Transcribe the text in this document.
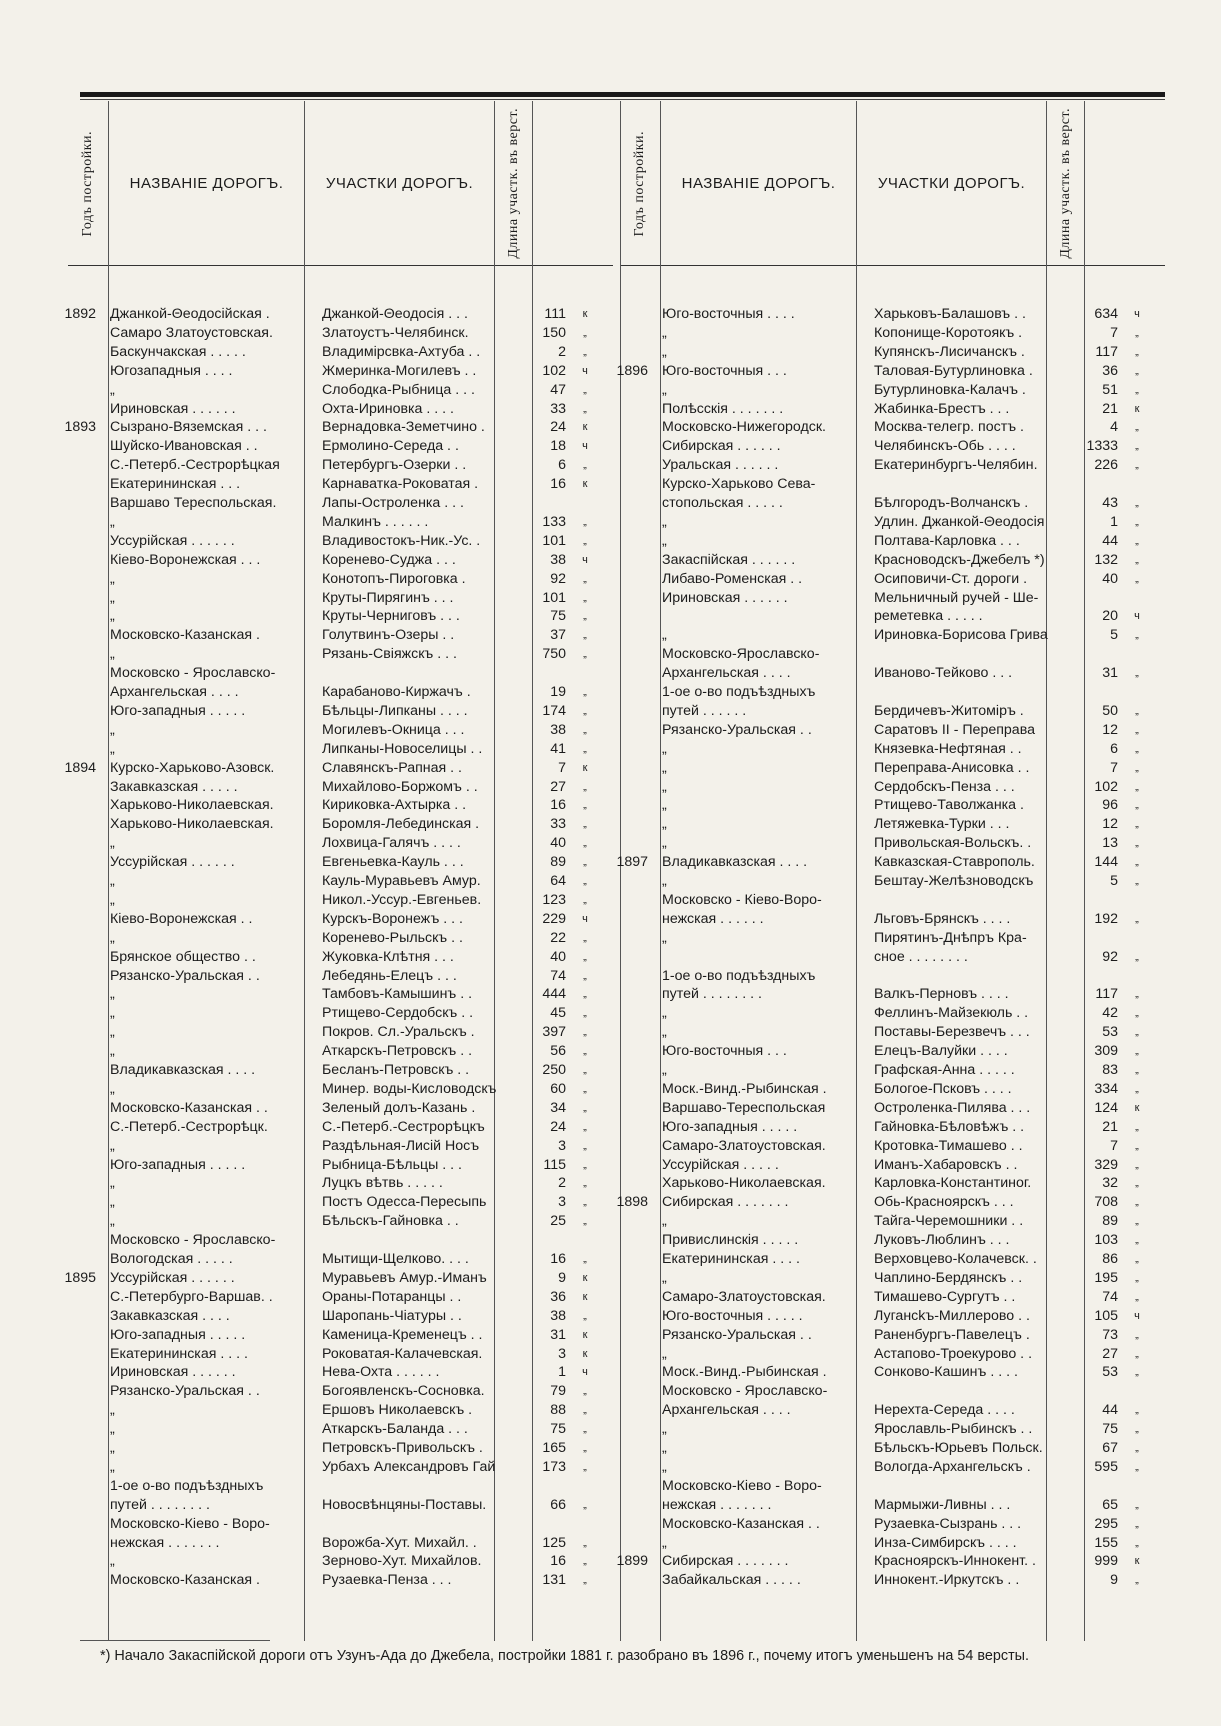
Годъ постройки. НАЗВАНІЕ ДОРОГЪ.	УЧАСТКИ ДОРОГЪ. Длина участк. въ верст.
1892 Джанкой-Θеодосійская .	Джанкой-Θеодосія . . .	111	к
Самаро Златоустовская.	Златоустъ-Челябинск.	150	„
Баскунчакская . . . . .	Владимірсвка-Ахтуба . .	2	„
Югозападныя . . . .	Жмеринка-Могилевъ . .	102	ч
„	Слободка-Рыбница . . .	47	„
Ириновская . . . . . .	Охта-Ириновка . . . .	33	„
1893 Сызрано-Вяземская . . .	Вернадовка-Земетчино .	24	к
Шуйско-Ивановская . .	Ермолино-Середа . .	18	ч
С.-Петерб.-Сестрорѣцкая	Петербургъ-Озерки . .	6	„
Екатерининская . . .	Карнаватка-Роковатая .	16	к
Варшаво Тереспольская.	Лапы-Остроленка . . .
„	Малкинъ . . . . . .	133	„
Уссурійская . . . . . .	Владивостокъ-Ник.-Ус. .	101	„
Кіево-Воронежская . . .	Коренево-Суджа . . .	38	ч
„	Конотопъ-Пироговка .	92	„
„	Круты-Пирягинъ . . .	101	„
„	Круты-Черниговъ . . .	75	„
Московско-Казанская .	Голутвинъ-Озеры . .	37	„
„	Рязань-Свіяжскъ . . .	750	„
Московско - Ярославско-
Архангельская . . . .	Карабаново-Киржачъ .	19	„
Юго-западныя . . . . .	Бѣльцы-Липканы . . . .	174	„
„	Могилевъ-Окница . . .	38	„
„	Липканы-Новоселицы . .	41	„
1894 Курско-Харьково-Азовск.	Славянскъ-Рапная . .	7	к
Закавказская . . . . .	Михайлово-Боржомъ . .	27	„
Харьково-Николаевская.	Кириковка-Ахтырка . .	16	„
Харьково-Николаевская.	Боромля-Лебединская .	33	„
„	Лохвица-Галячъ . . . .	40	„
Уссурійская . . . . . .	Евгеньевка-Кауль . . .	89	„
„	Кауль-Муравьевъ Амур.	64	„
„	Никол.-Уссур.-Евгеньев.	123	„
Кіево-Воронежская . .	Курскъ-Воронежъ . . .	229	ч
„	Коренево-Рыльскъ . .	22	„
Брянское общество . .	Жуковка-Клѣтня . . .	40	„
Рязанско-Уральская . .	Лебедянь-Елецъ . . .	74	„
„	Тамбовъ-Камышинъ . .	444	„
„	Ртищево-Сердобскъ . .	45	„
„	Покров. Сл.-Уральскъ .	397	„
„	Аткарскъ-Петровскъ . .	56	„
Владикавказская . . . .	Бесланъ-Петровскъ . .	250	„
„	Минер. воды-Кисловодскъ	60	„
Московско-Казанская . .	Зеленый долъ-Казань .	34	„
С.-Петерб.-Сестрорѣцк.	С.-Петерб.-Сестрорѣцкъ	24	„
„	Раздѣльная-Лисій Носъ	3	„
Юго-западныя . . . . .	Рыбница-Бѣльцы . . .	115	„
„	Луцкъ вѣтвь . . . . .	2	„
„	Постъ Одесса-Пересыпь	3	„
„	Бѣльскъ-Гайновка . .	25	„
Московско - Ярославско-
Вологодская . . . . .	Мытищи-Щелково. . . .	16	„
1895 Уссурійская . . . . . .	Муравьевъ Амур.-Иманъ	9	к
С.-Петербурго-Варшав. .	Ораны-Потаранцы . .	36	к
Закавказская . . . .	Шаропань-Чіатуры . .	38	„
Юго-западныя . . . . .	Каменица-Кременецъ . .	31	к
Екатерининская . . . .	Роковатая-Калачевская.	3	к
Ириновская . . . . . .	Нева-Охта . . . . . .	1	ч
Рязанско-Уральская . .	Богоявленскъ-Сосновка.	79	„
„	Ершовъ Николаевскъ .	88	„
„	Аткарскъ-Баланда . . .	75	„
„	Петровскъ-Привольскъ .	165	„
„	Урбахъ Александровъ Гай	173	„
1-ое о-во подъѣздныхъ
путей . . . . . . . .	Новосвѣнцяны-Поставы.	66	„
Московско-Кіево - Воро-
нежская . . . . . . .	Ворожба-Хут. Михайл. .	125	„
„	Зерново-Хут. Михайлов.	16	„
Московско-Казанская .	Рузаевка-Пенза . . .	131	„
Годъ постройки. НАЗВАНІЕ ДОРОГЪ.	УЧАСТКИ ДОРОГЪ. Длина участк. въ верст.
Юго-восточныя . . . .	Харьковъ-Балашовъ . .	634	ч
„	Копонище-Коротоякъ .	7	„
„	Купянскъ-Лисичанскъ .	117	„
1896 Юго-восточныя . . .	Таловая-Бутурлиновка .	36	„
„	Бутурлиновка-Калачъ .	51	„
Полѣсскія . . . . . . .	Жабинка-Брестъ . . .	21	к
Московско-Нижегородск.	Москва-телегр. постъ .	4	„
Сибирская . . . . . .	Челябинскъ-Обь . . . .	1333	„
Уральская . . . . . .	Екатеринбургъ-Челябин.	226	„
Курско-Харьково Сева-
стопольская . . . . .	Бѣлгородъ-Волчанскъ .	43	„
„	Удлин. Джанкой-Θеодосія	1	„
„	Полтава-Карловка . . .	44	„
Закаспійская . . . . . .	Красноводскъ-Джебелъ *)	132	„
Либаво-Роменская . .	Осиповичи-Ст. дороги .	40	„
Ириновская . . . . . .	Мельничный ручей - Ше-
реметевка . . . . .	20	ч
„	Ириновка-Борисова Грива	5	„
Московско-Ярославско-
Архангельская . . . .	Иваново-Тейково . . .	31	„
1-ое о-во подъѣздныхъ
путей . . . . . .	Бердичевъ-Житоміръ .	50	„
Рязанско-Уральская . .	Саратовъ II - Переправа	12	„
„	Князевка-Нефтяная . .	6	„
„	Переправа-Анисовка . .	7	„
„	Сердобскъ-Пенза . . .	102	„
„	Ртищево-Таволжанка .	96	„
„	Летяжевка-Турки . . .	12	„
„	Привольская-Вольскъ. .	13	„
1897 Владикавказская . . . .	Кавказская-Ставрополь.	144	„
„	Бештау-Желѣзноводскъ	5	„
Московско - Кіево-Воро-
нежская . . . . . .	Льговъ-Брянскъ . . . .	192	„
„	Пирятинъ-Днѣпръ Кра-
сное . . . . . . . .	92	„
1-ое о-во подъѣздныхъ
путей . . . . . . . .	Валкъ-Перновъ . . . .	117	„
„	Феллинъ-Майзекюль . .	42	„
„	Поставы-Березвечъ . . .	53	„
Юго-восточныя . . .	Елецъ-Валуйки . . . .	309	„
„	Графская-Анна . . . . .	83	„
Моск.-Винд.-Рыбинская .	Бологое-Псковъ . . . .	334	„
Варшаво-Тереспольская	Остроленка-Пилява . . .	124	к
Юго-западныя . . . . .	Гайновка-Бѣловѣжъ . .	21	„
Самаро-Златоустовская.	Кротовка-Тимашево . .	7	„
Уссурійская . . . . .	Иманъ-Хабаровскъ . .	329	„
Харьково-Николаевская.	Карловка-Константиног.	32	„
1898 Сибирская . . . . . . .	Обь-Красноярскъ . . .	708	„
„	Тайга-Черемошники . .	89	„
Привислинскія . . . . .	Луковъ-Люблинъ . . .	103	„
Екатерининская . . . .	Верховцево-Колачевск. .	86	„
„	Чаплино-Бердянскъ . .	195	„
Самаро-Златоустовская.	Тимашево-Сургутъ . .	74	„
Юго-восточныя . . . . .	Лугансkъ-Миллерово . .	105	ч
Рязанско-Уральская . .	Раненбургъ-Павелецъ .	73	„
„	Астапово-Троекурово . .	27	„
Моск.-Винд.-Рыбинская .	Сонково-Кашинъ . . . .	53	„
Московско - Ярославско-
Архангельская . . . .	Нерехта-Середа . . . .	44	„
„	Ярославль-Рыбинскъ . .	75	„
„	Бѣльскъ-Юрьевъ Польск.	67	„
„	Вологда-Архангельскъ .	595	„
Московско-Кіево - Воро-
нежская . . . . . . .	Мармыжи-Ливны . . .	65	„
Московско-Казанская . .	Рузаевка-Сызрань . . .	295	„
„	Инза-Симбирскъ . . . .	155	„
1899 Сибирская . . . . . . .	Красноярскъ-Иннокент. .	999	к
Забайкальская . . . . .	Иннокент.-Иркутскъ . .	9	„
*) Начало Закаспійской дороги отъ Узунъ-Ада до Джебела, постройки 1881 г. разобрано въ 1896 г., почему итогъ уменьшенъ на 54 версты.
